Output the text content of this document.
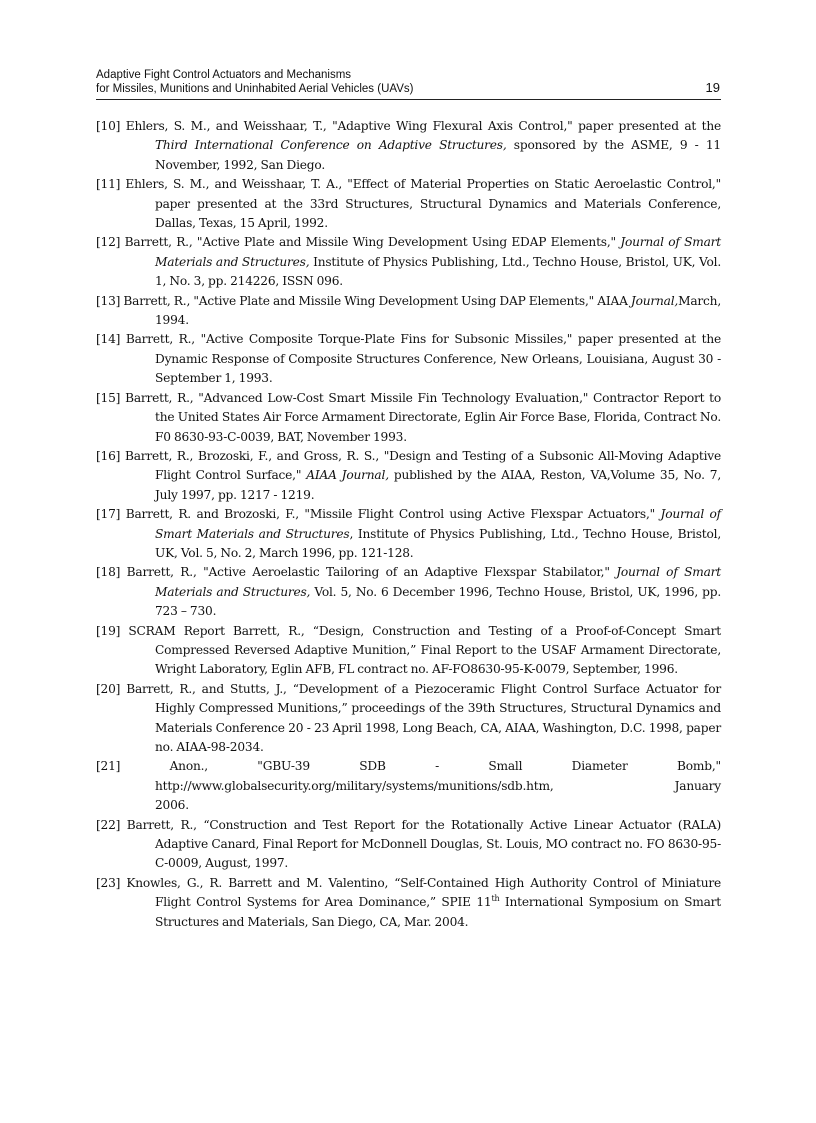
Adaptive Fight Control Actuators and Mechanisms
for Missiles, Munitions and Uninhabited Aerial Vehicles (UAVs)	19

[10] Ehlers, S. M., and Weisshaar, T., "Adaptive Wing Flexural Axis Control," paper presented at the Third International Conference on Adaptive Structures, sponsored by the ASME, 9 - 11 November, 1992, San Diego.

[11] Ehlers, S. M., and Weisshaar, T. A., "Effect of Material Properties on Static Aeroelastic Control," paper presented at the 33rd Structures, Structural Dynamics and Materials Conference, Dallas, Texas, 15 April, 1992.

[12] Barrett, R., "Active Plate and Missile Wing Development Using EDAP Elements," Journal of Smart Materials and Structures, Institute of Physics Publishing, Ltd., Techno House, Bristol, UK, Vol. 1, No. 3, pp. 214226, ISSN 096.

[13] Barrett, R., "Active Plate and Missile Wing Development Using DAP Elements," AIAA Journal,March, 1994.

[14] Barrett, R., "Active Composite Torque-Plate Fins for Subsonic Missiles," paper presented at the Dynamic Response of Composite Structures Conference, New Orleans, Louisiana, August 30 - September 1, 1993.

[15] Barrett, R., "Advanced Low-Cost Smart Missile Fin Technology Evaluation," Contractor Report to the United States Air Force Armament Directorate, Eglin Air Force Base, Florida, Contract No. F0 8630-93-C-0039, BAT, November 1993.

[16] Barrett, R., Brozoski, F., and Gross, R. S., "Design and Testing of a Subsonic All-Moving Adaptive Flight Control Surface," AIAA Journal, published by the AIAA, Reston, VA,Volume 35, No. 7, July 1997, pp. 1217 - 1219.

[17] Barrett, R. and Brozoski, F., "Missile Flight Control using Active Flexspar Actuators," Journal of Smart Materials and Structures, Institute of Physics Publishing, Ltd., Techno House, Bristol, UK, Vol. 5, No. 2, March 1996, pp. 121-128.

[18] Barrett, R., "Active Aeroelastic Tailoring of an Adaptive Flexspar Stabilator," Journal of Smart Materials and Structures, Vol. 5, No. 6 December 1996, Techno House, Bristol, UK, 1996, pp. 723 – 730.

[19] SCRAM Report Barrett, R., “Design, Construction and Testing of a Proof-of-Concept Smart Compressed Reversed Adaptive Munition,” Final Report to the USAF Armament Directorate, Wright Laboratory, Eglin AFB, FL contract no. AF-FO8630-95-K-0079, September, 1996.

[20] Barrett, R., and Stutts, J., “Development of a Piezoceramic Flight Control Surface Actuator for Highly Compressed Munitions,” proceedings of the 39th Structures, Structural Dynamics and Materials Conference 20 - 23 April 1998, Long Beach, CA, AIAA, Washington, D.C. 1998, paper no. AIAA-98-2034.

[21]	Anon.,	"GBU-39	SDB	-	Small	Diameter	Bomb,"
http://www.globalsecurity.org/military/systems/munitions/sdb.htm,	January
2006.

[22] Barrett, R., “Construction and Test Report for the Rotationally Active Linear Actuator (RALA) Adaptive Canard, Final Report for McDonnell Douglas, St. Louis, MO contract no. FO 8630-95-C-0009, August, 1997.

[23] Knowles, G., R. Barrett and M. Valentino, “Self-Contained High Authority Control of Miniature Flight Control Systems for Area Dominance,” SPIE 11th International Symposium on Smart Structures and Materials, San Diego, CA, Mar. 2004.
